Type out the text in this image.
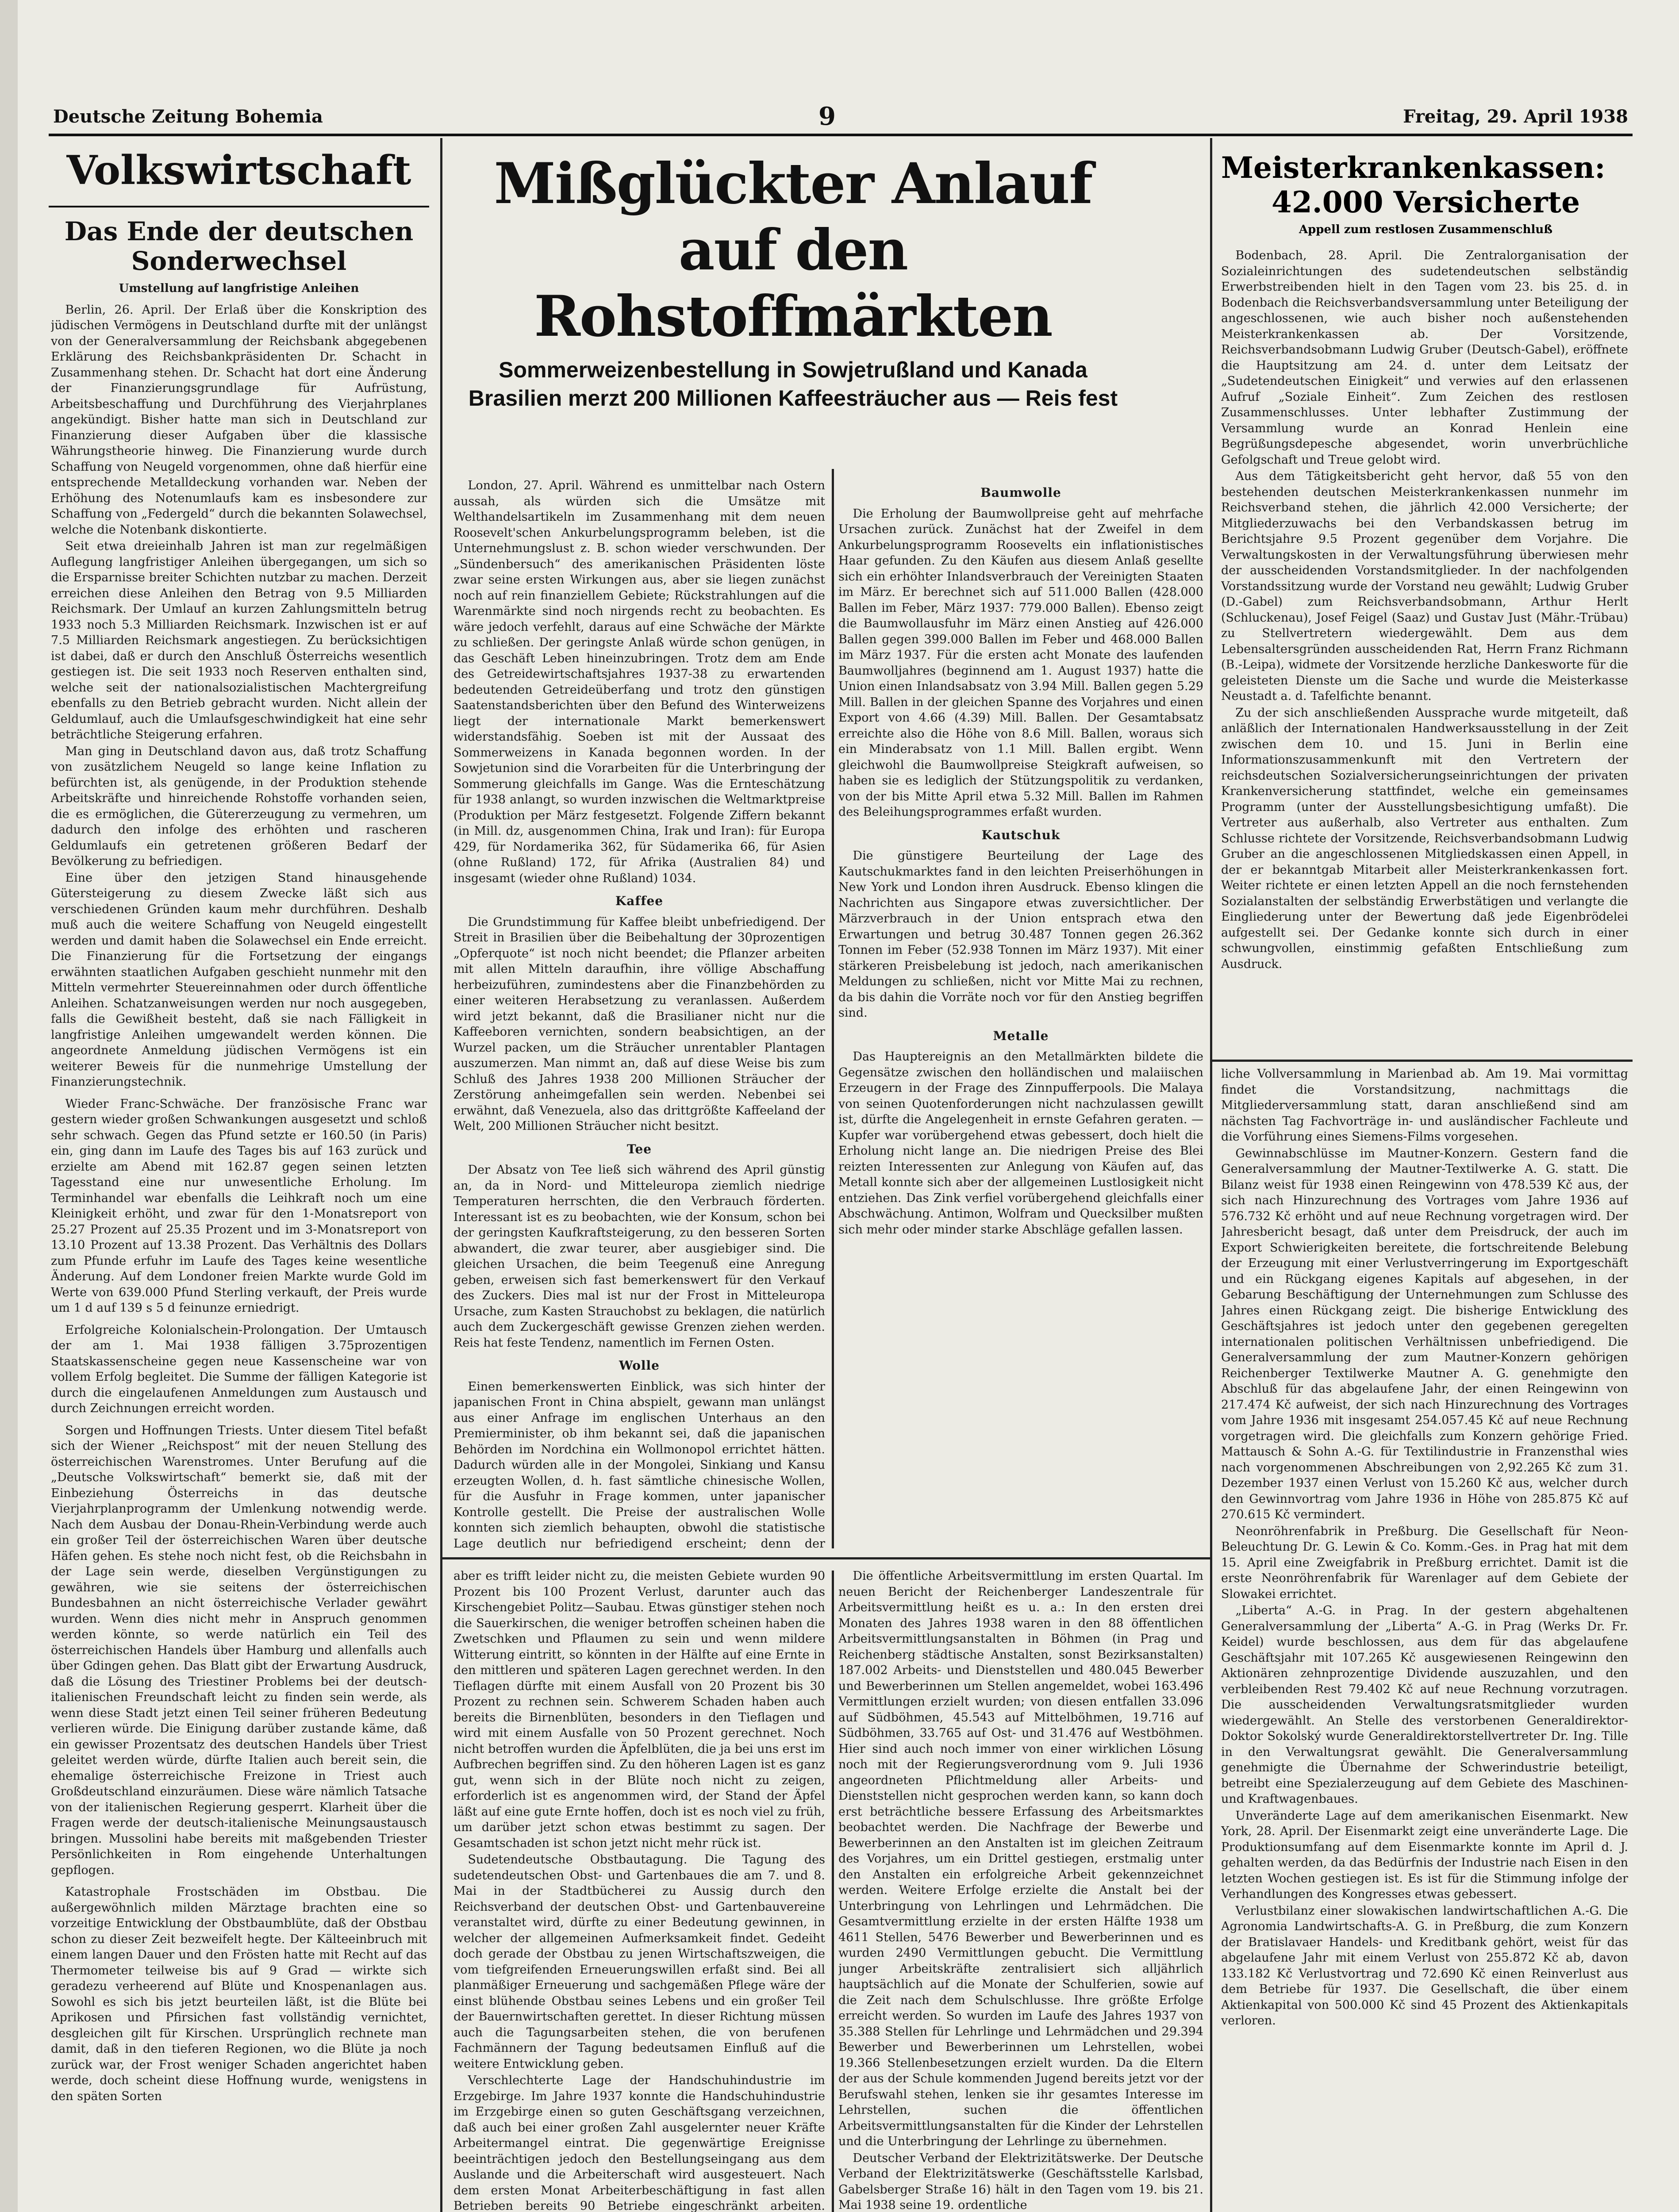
Deutsche Zeitung Bohemia	9	Freitag, 29. April 1938
Volkswirtschaft
Das Ende der deutschen Sonderwechsel
Umstellung auf langfristige Anleihen

Berlin, 26. April. Der Erlaß über die Konskription des jüdischen Vermögens in Deutschland durfte mit der unlängst von der Generalversammlung der Reichsbank abgegebenen Erklärung des Reichsbankpräsidenten Dr. Schacht in Zusammenhang stehen. Dr. Schacht hat dort eine Änderung der Finanzierungsgrundlage für Aufrüstung, Arbeitsbeschaffung und Durchführung des Vierjahrplanes angekündigt. Bisher hatte man sich in Deutschland zur Finanzierung dieser Aufgaben über die klassische Währungstheorie hinweg. Die Finanzierung wurde durch Schaffung von Neugeld vorgenommen, ohne daß hierfür eine entsprechende Metalldeckung vorhanden war. Neben der Erhöhung des Notenumlaufs kam es insbesondere zur Schaffung von „Federgeld“ durch die bekannten Solawechsel, welche die Notenbank diskontierte.

Seit etwa dreieinhalb Jahren ist man zur regelmäßigen Auflegung langfristiger Anleihen übergegangen, um sich so die Ersparnisse breiter Schichten nutzbar zu machen. Derzeit erreichen diese Anleihen den Betrag von 9.5 Milliarden Reichsmark. Der Umlauf an kurzen Zahlungsmitteln betrug 1933 noch 5.3 Milliarden Reichsmark. Inzwischen ist er auf 7.5 Milliarden Reichsmark angestiegen. Zu berücksichtigen ist dabei, daß er durch den Anschluß Österreichs wesentlich gestiegen ist. Die seit 1933 noch Reserven enthalten sind, welche seit der nationalsozialistischen Machtergreifung ebenfalls zu den Betrieb gebracht wurden. Nicht allein der Geldumlauf, auch die Umlaufsgeschwindigkeit hat eine sehr beträchtliche Steigerung erfahren.

Man ging in Deutschland davon aus, daß trotz Schaffung von zusätzlichem Neugeld so lange keine Inflation zu befürchten ist, als genügende, in der Produktion stehende Arbeitskräfte und hinreichende Rohstoffe vorhanden seien, die es ermöglichen, die Gütererzeugung zu vermehren, um dadurch den infolge des erhöhten und rascheren Geldumlaufs ein getretenen größeren Bedarf der Bevölkerung zu befriedigen.

Eine über den jetzigen Stand hinausgehende Gütersteigerung zu diesem Zwecke läßt sich aus verschiedenen Gründen kaum mehr durchführen. Deshalb muß auch die weitere Schaffung von Neugeld eingestellt werden und damit haben die Solawechsel ein Ende erreicht. Die Finanzierung für die Fortsetzung der eingangs erwähnten staatlichen Aufgaben geschieht nunmehr mit den Mitteln vermehrter Steuereinnahmen oder durch öffentliche Anleihen. Schatzanweisungen werden nur noch ausgegeben, falls die Gewißheit besteht, daß sie nach Fälligkeit in langfristige Anleihen umgewandelt werden können. Die angeordnete Anmeldung jüdischen Vermögens ist ein weiterer Beweis für die nunmehrige Umstellung der Finanzierungstechnik.

Wieder Franc-Schwäche. Der französische Franc war gestern wieder großen Schwankungen ausgesetzt und schloß sehr schwach. Gegen das Pfund setzte er 160.50 (in Paris) ein, ging dann im Laufe des Tages bis auf 163 zurück und erzielte am Abend mit 162.87 gegen seinen letzten Tagesstand eine nur unwesentliche Erholung. Im Terminhandel war ebenfalls die Leihkraft noch um eine Kleinigkeit erhöht, und zwar für den 1-Monatsreport von 25.27 Prozent auf 25.35 Prozent und im 3-Monatsreport von 13.10 Prozent auf 13.38 Prozent. Das Verhältnis des Dollars zum Pfunde erfuhr im Laufe des Tages keine wesentliche Änderung. Auf dem Londoner freien Markte wurde Gold im Werte von 639.000 Pfund Sterling verkauft, der Preis wurde um 1 d auf 139 s 5 d feinunze erniedrigt.

Erfolgreiche Kolonialschein-Prolongation. Der Umtausch der am 1. Mai 1938 fälligen 3.75prozentigen Staatskassenscheine gegen neue Kassenscheine war von vollem Erfolg begleitet. Die Summe der fälligen Kategorie ist durch die eingelaufenen Anmeldungen zum Austausch und durch Zeichnungen erreicht worden.

Sorgen und Hoffnungen Triests. Unter diesem Titel befaßt sich der Wiener „Reichspost“ mit der neuen Stellung des österreichischen Warenstromes. Unter Berufung auf die „Deutsche Volkswirtschaft“ bemerkt sie, daß mit der Einbeziehung Österreichs in das deutsche Vierjahrplanprogramm der Umlenkung notwendig werde. Nach dem Ausbau der Donau-Rhein-Verbindung werde auch ein großer Teil der österreichischen Waren über deutsche Häfen gehen. Es stehe noch nicht fest, ob die Reichsbahn in der Lage sein werde, dieselben Vergünstigungen zu gewähren, wie sie seitens der österreichischen Bundesbahnen an nicht österreichische Verlader gewährt wurden. Wenn dies nicht mehr in Anspruch genommen werden könnte, so werde natürlich ein Teil des österreichischen Handels über Hamburg und allenfalls auch über Gdingen gehen. Das Blatt gibt der Erwartung Ausdruck, daß die Lösung des Triestiner Problems bei der deutsch-italienischen Freundschaft leicht zu finden sein werde, als wenn diese Stadt jetzt einen Teil seiner früheren Bedeutung verlieren würde. Die Einigung darüber zustande käme, daß ein gewisser Prozentsatz des deutschen Handels über Triest geleitet werden würde, dürfte Italien auch bereit sein, die ehemalige österreichische Freizone in Triest auch Großdeutschland einzuräumen. Diese wäre nämlich Tatsache von der italienischen Regierung gesperrt. Klarheit über die Fragen werde der deutsch-italienische Meinungsaustausch bringen. Mussolini habe bereits mit maßgebenden Triester Persönlichkeiten in Rom eingehende Unterhaltungen gepflogen.

Katastrophale Frostschäden im Obstbau. Die außergewöhnlich milden Märztage brachten eine so vorzeitige Entwicklung der Obstbaumblüte, daß der Obstbau schon zu dieser Zeit bezweifelt hegte. Der Kälteeinbruch mit einem langen Dauer und den Frösten hatte mit Recht auf das Thermometer teilweise bis auf 9 Grad — wirkte sich geradezu verheerend auf Blüte und Knospenanlagen aus. Sowohl es sich bis jetzt beurteilen läßt, ist die Blüte bei Aprikosen und Pfirsichen fast vollständig vernichtet, desgleichen gilt für Kirschen. Ursprünglich rechnete man damit, daß in den tieferen Regionen, wo die Blüte ja noch zurück war, der Frost weniger Schaden angerichtet haben werde, doch scheint diese Hoffnung wurde, wenigstens in den späten Sorten

Mißglückter Anlauf
auf den Rohstoffmärkten
Sommerweizenbestellung in Sowjetrußland und Kanada
Brasilien merzt 200 Millionen Kaffeesträucher aus — Reis fest

London, 27. April. Während es unmittelbar nach Ostern aussah, als würden sich die Umsätze mit Welthandelsartikeln im Zusammenhang mit dem neuen Roosevelt'schen Ankurbelungsprogramm beleben, ist die Unternehmungslust z. B. schon wieder verschwunden. Der „Sündenbersuch“ des amerikanischen Präsidenten löste zwar seine ersten Wirkungen aus, aber sie liegen zunächst noch auf rein finanziellem Gebiete; Rückstrahlungen auf die Warenmärkte sind noch nirgends recht zu beobachten. Es wäre jedoch verfehlt, daraus auf eine Schwäche der Märkte zu schließen. Der geringste Anlaß würde schon genügen, in das Geschäft Leben hineinzubringen. Trotz dem am Ende des Getreidewirtschaftsjahres 1937-38 zu erwartenden bedeutenden Getreideüberfang und trotz den günstigen Saatenstandsberichten über den Befund des Winterweizens liegt der internationale Markt bemerkenswert widerstandsfähig. Soeben ist mit der Aussaat des Sommerweizens in Kanada begonnen worden. In der Sowjetunion sind die Vorarbeiten für die Unterbringung der Sommerung gleichfalls im Gange. Was die Ernteschätzung für 1938 anlangt, so wurden inzwischen die Weltmarktpreise (Produktion per März festgesetzt. Folgende Ziffern bekannt (in Mill. dz, ausgenommen China, Irak und Iran): für Europa 429, für Nordamerika 362, für Südamerika 66, für Asien (ohne Rußland) 172, für Afrika (Australien 84) und insgesamt (wieder ohne Rußland) 1034.

Kaffee

Die Grundstimmung für Kaffee bleibt unbefriedigend. Der Streit in Brasilien über die Beibehaltung der 30prozentigen „Opferquote“ ist noch nicht beendet; die Pflanzer arbeiten mit allen Mitteln daraufhin, ihre völlige Abschaffung herbeizuführen, zumindestens aber die Finanzbehörden zu einer weiteren Herabsetzung zu veranlassen. Außerdem wird jetzt bekannt, daß die Brasilianer nicht nur die Kaffeeboren vernichten, sondern beabsichtigen, an der Wurzel packen, um die Sträucher unrentabler Plantagen auszumerzen. Man nimmt an, daß auf diese Weise bis zum Schluß des Jahres 1938 200 Millionen Sträucher der Zerstörung anheimgefallen sein werden. Nebenbei sei erwähnt, daß Venezuela, also das drittgrößte Kaffeeland der Welt, 200 Millionen Sträucher nicht besitzt.

Tee

Der Absatz von Tee ließ sich während des April günstig an, da in Nord- und Mitteleuropa ziemlich niedrige Temperaturen herrschten, die den Verbrauch förderten. Interessant ist es zu beobachten, wie der Konsum, schon bei der geringsten Kaufkraftsteigerung, zu den besseren Sorten abwandert, die zwar teurer, aber ausgiebiger sind. Die gleichen Ursachen, die beim Teegenuß eine Anregung geben, erweisen sich fast bemerkenswert für den Verkauf des Zuckers. Dies mal ist nur der Frost in Mitteleuropa Ursache, zum Kasten Strauchobst zu beklagen, die natürlich auch dem Zuckergeschäft gewisse Grenzen ziehen werden. Reis hat feste Tendenz, namentlich im Fernen Osten.

Wolle

Einen bemerkenswerten Einblick, was sich hinter der japanischen Front in China abspielt, gewann man unlängst aus einer Anfrage im englischen Unterhaus an den Premierminister, ob ihm bekannt sei, daß die japanischen Behörden im Nordchina ein Wollmonopol errichtet hätten. Dadurch würden alle in der Mongolei, Sinkiang und Kansu erzeugten Wollen, d. h. fast sämtliche chinesische Wollen, für die Ausfuhr in Frage kommen, unter japanischer Kontrolle gestellt. Die Preise der australischen Wolle konnten sich ziemlich behaupten, obwohl die statistische Lage deutlich nur befriedigend erscheint; denn der

Baumwolle

Die Erholung der Baumwollpreise geht auf mehrfache Ursachen zurück. Zunächst hat der Zweifel in dem Ankurbelungsprogramm Roosevelts ein inflationistisches Haar gefunden. Zu den Käufen aus diesem Anlaß gesellte sich ein erhöhter Inlandsverbrauch der Vereinigten Staaten im März. Er berechnet sich auf 511.000 Ballen (428.000 Ballen im Feber, März 1937: 779.000 Ballen). Ebenso zeigt die Baumwollausfuhr im März einen Anstieg auf 426.000 Ballen gegen 399.000 Ballen im Feber und 468.000 Ballen im März 1937. Für die ersten acht Monate des laufenden Baumwolljahres (beginnend am 1. August 1937) hatte die Union einen Inlandsabsatz von 3.94 Mill. Ballen gegen 5.29 Mill. Ballen in der gleichen Spanne des Vorjahres und einen Export von 4.66 (4.39) Mill. Ballen. Der Gesamtabsatz erreichte also die Höhe von 8.6 Mill. Ballen, woraus sich ein Minderabsatz von 1.1 Mill. Ballen ergibt. Wenn gleichwohl die Baumwollpreise Steigkraft aufweisen, so haben sie es lediglich der Stützungspolitik zu verdanken, von der bis Mitte April etwa 5.32 Mill. Ballen im Rahmen des Beleihungsprogrammes erfaßt wurden.

Kautschuk

Die günstigere Beurteilung der Lage des Kautschukmarktes fand in den leichten Preiserhöhungen in New York und London ihren Ausdruck. Ebenso klingen die Nachrichten aus Singapore etwas zuversichtlicher. Der Märzverbrauch in der Union entsprach etwa den Erwartungen und betrug 30.487 Tonnen gegen 26.362 Tonnen im Feber (52.938 Tonnen im März 1937). Mit einer stärkeren Preisbelebung ist jedoch, nach amerikanischen Meldungen zu schließen, nicht vor Mitte Mai zu rechnen, da bis dahin die Vorräte noch vor für den Anstieg begriffen sind.

Metalle

Das Hauptereignis an den Metallmärkten bildete die Gegensätze zwischen den holländischen und malaiischen Erzeugern in der Frage des Zinnpufferpools. Die Malaya von seinen Quotenforderungen nicht nachzulassen gewillt ist, dürfte die Angelegenheit in ernste Gefahren geraten. — Kupfer war vorübergehend etwas gebessert, doch hielt die Erholung nicht lange an. Die niedrigen Preise des Blei reizten Interessenten zur Anlegung von Käufen auf, das Metall konnte sich aber der allgemeinen Lustlosigkeit nicht entziehen. Das Zink verfiel vorübergehend gleichfalls einer Abschwächung. Antimon, Wolfram und Quecksilber mußten sich mehr oder minder starke Abschläge gefallen lassen.

Meisterkrankenkassen:
42.000 Versicherte
Appell zum restlosen Zusammenschluß

Bodenbach, 28. April. Die Zentralorganisation der Sozialeinrichtungen des sudetendeutschen selbständig Erwerbstreibenden hielt in den Tagen vom 23. bis 25. d. in Bodenbach die Reichsverbandsversammlung unter Beteiligung der angeschlossenen, wie auch bisher noch außenstehenden Meisterkrankenkassen ab. Der Vorsitzende, Reichsverbandsobmann Ludwig Gruber (Deutsch-Gabel), eröffnete die Hauptsitzung am 24. d. unter dem Leitsatz der „Sudetendeutschen Einigkeit“ und verwies auf den erlassenen Aufruf „Soziale Einheit“. Zum Zeichen des restlosen Zusammenschlusses. Unter lebhafter Zustimmung der Versammlung wurde an Konrad Henlein eine Begrüßungsdepesche abgesendet, worin unverbrüchliche Gefolgschaft und Treue gelobt wird.

Aus dem Tätigkeitsbericht geht hervor, daß 55 von den bestehenden deutschen Meisterkrankenkassen nunmehr im Reichsverband stehen, die jährlich 42.000 Versicherte; der Mitgliederzuwachs bei den Verbandskassen betrug im Berichtsjahre 9.5 Prozent gegenüber dem Vorjahre. Die Verwaltungskosten in der Verwaltungsführung überwiesen mehr der ausscheidenden Vorstandsmitglieder. In der nachfolgenden Vorstandssitzung wurde der Vorstand neu gewählt; Ludwig Gruber (D.-Gabel) zum Reichsverbandsobmann, Arthur Herlt (Schluckenau), Josef Feigel (Saaz) und Gustav Just (Mähr.-Trübau) zu Stellvertretern wiedergewählt. Dem aus dem Lebensaltersgründen ausscheidenden Rat, Herrn Franz Richmann (B.-Leipa), widmete der Vorsitzende herzliche Dankesworte für die geleisteten Dienste um die Sache und wurde die Meisterkasse Neustadt a. d. Tafelfichte benannt.

Zu der sich anschließenden Aussprache wurde mitgeteilt, daß anläßlich der Internationalen Handwerksausstellung in der Zeit zwischen dem 10. und 15. Juni in Berlin eine Informationszusammenkunft mit den Vertretern der reichsdeutschen Sozialversicherungseinrichtungen der privaten Krankenversicherung stattfindet, welche ein gemeinsames Programm (unter der Ausstellungsbesichtigung umfaßt). Die Vertreter aus außerhalb, also Vertreter aus enthalten. Zum Schlusse richtete der Vorsitzende, Reichsverbandsobmann Ludwig Gruber an die angeschlossenen Mitgliedskassen einen Appell, in der er bekanntgab Mitarbeit aller Meisterkrankenkassen fort. Weiter richtete er einen letzten Appell an die noch fernstehenden Sozialanstalten der selbständig Erwerbstätigen und verlangte die Eingliederung unter der Bewertung daß jede Eigenbrödelei aufgestellt sei. Der Gedanke konnte sich durch in einer schwungvollen, einstimmig gefaßten Entschließung zum Ausdruck.

liche Vollversammlung in Marienbad ab. Am 19. Mai vormittag findet die Vorstandsitzung, nachmittags die Mitgliederversammlung statt, daran anschließend sind am nächsten Tag Fachvorträge in- und ausländischer Fachleute und die Vorführung eines Siemens-Films vorgesehen.

Gewinnabschlüsse im Mautner-Konzern. Gestern fand die Generalversammlung der Mautner-Textilwerke A. G. statt. Die Bilanz weist für 1938 einen Reingewinn von 478.539 Kč aus, der sich nach Hinzurechnung des Vortrages vom Jahre 1936 auf 576.732 Kč erhöht und auf neue Rechnung vorgetragen wird. Der Jahresbericht besagt, daß unter dem Preisdruck, der auch im Export Schwierigkeiten bereitete, die fortschreitende Belebung der Erzeugung mit einer Verlustverringerung im Exportgeschäft und ein Rückgang eigenes Kapitals auf abgesehen, in der Gebarung Beschäftigung der Unternehmungen zum Schlusse des Jahres einen Rückgang zeigt. Die bisherige Entwicklung des Geschäftsjahres ist jedoch unter den gegebenen geregelten internationalen politischen Verhältnissen unbefriedigend. Die Generalversammlung der zum Mautner-Konzern gehörigen Reichenberger Textilwerke Mautner A. G. genehmigte den Abschluß für das abgelaufene Jahr, der einen Reingewinn von 217.474 Kč aufweist, der sich nach Hinzurechnung des Vortrages vom Jahre 1936 mit insgesamt 254.057.45 Kč auf neue Rechnung vorgetragen wird. Die gleichfalls zum Konzern gehörige Fried. Mattausch & Sohn A.-G. für Textilindustrie in Franzensthal wies nach vorgenommenen Abschreibungen von 2,92.265 Kč zum 31. Dezember 1937 einen Verlust von 15.260 Kč aus, welcher durch den Gewinnvortrag vom Jahre 1936 in Höhe von 285.875 Kč auf 270.615 Kč vermindert.

Neonröhrenfabrik in Preßburg. Die Gesellschaft für Neon-Beleuchtung Dr. G. Lewin & Co. Komm.-Ges. in Prag hat mit dem 15. April eine Zweigfabrik in Preßburg errichtet. Damit ist die erste Neonröhrenfabrik für Warenlager auf dem Gebiete der Slowakei errichtet.

„Liberta“ A.-G. in Prag. In der gestern abgehaltenen Generalversammlung der „Liberta“ A.-G. in Prag (Werks Dr. Fr. Keidel) wurde beschlossen, aus dem für das abgelaufene Geschäftsjahr mit 107.265 Kč ausgewiesenen Reingewinn den Aktionären zehnprozentige Dividende auszuzahlen, und den verbleibenden Rest 79.402 Kč auf neue Rechnung vorzutragen. Die ausscheidenden Verwaltungsratsmitglieder wurden wiedergewählt. An Stelle des verstorbenen Generaldirektor-Doktor Sokolský wurde Generaldirektorstellvertreter Dr. Ing. Tille in den Verwaltungsrat gewählt. Die Generalversammlung genehmigte die Übernahme der Schwerindustrie beteiligt, betreibt eine Spezialerzeugung auf dem Gebiete des Maschinen- und Kraftwagenbaues.

Unveränderte Lage auf dem amerikanischen Eisenmarkt. New York, 28. April. Der Eisenmarkt zeigt eine unveränderte Lage. Die Produktionsumfang auf dem Eisenmarkte konnte im April d. J. gehalten werden, da das Bedürfnis der Industrie nach Eisen in den letzten Wochen gestiegen ist. Es ist für die Stimmung infolge der Verhandlungen des Kongresses etwas gebessert.

Verlustbilanz einer slowakischen landwirtschaftlichen A.-G. Die Agronomia Landwirtschafts-A. G. in Preßburg, die zum Konzern der Bratislavaer Handels- und Kreditbank gehört, weist für das abgelaufene Jahr mit einem Verlust von 255.872 Kč ab, davon 133.182 Kč Verlustvortrag und 72.690 Kč einen Reinverlust aus dem Betriebe für 1937. Die Gesellschaft, die über einem Aktienkapital von 500.000 Kč sind 45 Prozent des Aktienkapitals verloren.

aber es trifft leider nicht zu, die meisten Gebiete wurden 90 Prozent bis 100 Prozent Verlust, darunter auch das Kirschengebiet Politz—Saubau. Etwas günstiger stehen noch die Sauerkirschen, die weniger betroffen scheinen haben die Zwetschken und Pflaumen zu sein und wenn mildere Witterung eintritt, so könnten in der Hälfte auf eine Ernte in den mittleren und späteren Lagen gerechnet werden. In den Tieflagen dürfte mit einem Ausfall von 20 Prozent bis 30 Prozent zu rechnen sein. Schwerem Schaden haben auch bereits die Birnenblüten, besonders in den Tieflagen und wird mit einem Ausfalle von 50 Prozent gerechnet. Noch nicht betroffen wurden die Äpfelblüten, die ja bei uns erst im Aufbrechen begriffen sind. Zu den höheren Lagen ist es ganz gut, wenn sich in der Blüte noch nicht zu zeigen, erforderlich ist es angenommen wird, der Stand der Äpfel läßt auf eine gute Ernte hoffen, doch ist es noch viel zu früh, um darüber jetzt schon etwas bestimmt zu sagen. Der Gesamtschaden ist schon jetzt nicht mehr rück ist.

Sudetendeutsche Obstbautagung. Die Tagung des sudetendeutschen Obst- und Gartenbaues die am 7. und 8. Mai in der Stadtbücherei zu Aussig durch den Reichsverband der deutschen Obst- und Gartenbauvereine veranstaltet wird, dürfte zu einer Bedeutung gewinnen, in welcher der allgemeinen Aufmerksamkeit findet. Gedeiht doch gerade der Obstbau zu jenen Wirtschaftszweigen, die vom tiefgreifenden Erneuerungswillen erfaßt sind. Bei all planmäßiger Erneuerung und sachgemäßen Pflege wäre der einst blühende Obstbau seines Lebens und ein großer Teil der Bauernwirtschaften gerettet. In dieser Richtung müssen auch die Tagungsarbeiten stehen, die von berufenen Fachmännern der Tagung bedeutsamen Einfluß auf die weitere Entwicklung geben.

Verschlechterte Lage der Handschuhindustrie im Erzgebirge. Im Jahre 1937 konnte die Handschuhindustrie im Erzgebirge einen so guten Geschäftsgang verzeichnen, daß auch bei einer großen Zahl ausgelernter neuer Kräfte Arbeitermangel eintrat. Die gegenwärtige Ereignisse beeinträchtigen jedoch den Bestellungseingang aus dem Auslande und die Arbeiterschaft wird ausgesteuert. Nach dem ersten Monat Arbeiterbeschäftigung in fast allen Betrieben bereits 90 Betriebe eingeschränkt arbeiten.

Die öffentliche Arbeitsvermittlung im ersten Quartal. Im neuen Bericht der Reichenberger Landeszentrale für Arbeitsvermittlung heißt es u. a.: In den ersten drei Monaten des Jahres 1938 waren in den 88 öffentlichen Arbeitsvermittlungsanstalten in Böhmen (in Prag und Reichenberg städtische Anstalten, sonst Bezirksanstalten) 187.002 Arbeits- und Dienststellen und 480.045 Bewerber und Bewerberinnen um Stellen angemeldet, wobei 163.496 Vermittlungen erzielt wurden; von diesen entfallen 33.096 auf Südböhmen, 45.543 auf Mittelböhmen, 19.716 auf Südböhmen, 33.765 auf Ost- und 31.476 auf Westböhmen. Hier sind auch noch immer von einer wirklichen Lösung noch mit der Regierungsverordnung vom 9. Juli 1936 angeordneten Pflichtmeldung aller Arbeits- und Dienststellen nicht gesprochen werden kann, so kann doch erst beträchtliche bessere Erfassung des Arbeitsmarktes beobachtet werden. Die Nachfrage der Bewerbe und Bewerberinnen an den Anstalten ist im gleichen Zeitraum des Vorjahres, um ein Drittel gestiegen, erstmalig unter den Anstalten ein erfolgreiche Arbeit gekennzeichnet werden. Weitere Erfolge erzielte die Anstalt bei der Unterbringung von Lehrlingen und Lehrmädchen. Die Gesamtvermittlung erzielte in der ersten Hälfte 1938 um 4611 Stellen, 5476 Bewerber und Bewerberinnen und es wurden 2490 Vermittlungen gebucht. Die Vermittlung junger Arbeitskräfte zentralisiert sich alljährlich hauptsächlich auf die Monate der Schulferien, sowie auf die Zeit nach dem Schulschlusse. Ihre größte Erfolge erreicht werden. So wurden im Laufe des Jahres 1937 von 35.388 Stellen für Lehrlinge und Lehrmädchen und 29.394 Bewerber und Bewerberinnen um Lehrstellen, wobei 19.366 Stellenbesetzungen erzielt wurden. Da die Eltern der aus der Schule kommenden Jugend bereits jetzt vor der Berufswahl stehen, lenken sie ihr gesamtes Interesse im Lehrstellen, suchen die öffentlichen Arbeitsvermittlungsanstalten für die Kinder der Lehrstellen und die Unterbringung der Lehrlinge zu übernehmen.

Deutscher Verband der Elektrizitätswerke. Der Deutsche Verband der Elektrizitätswerke (Geschäftsstelle Karlsbad, Gabelsberger Straße 16) hält in den Tagen vom 19. bis 21. Mai 1938 seine 19. ordentliche
